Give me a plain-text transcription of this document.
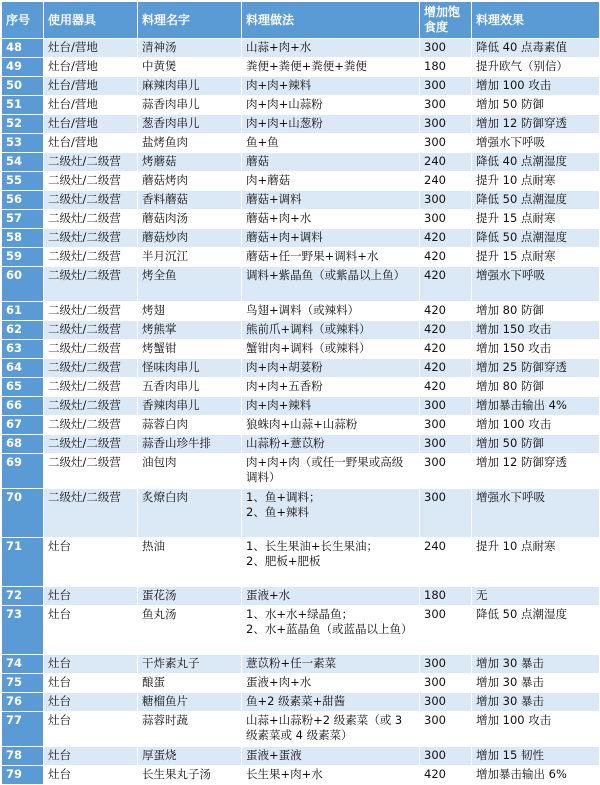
序号	使用器具	料理名字	料理做法	增加饱食度	料理效果
48	灶台/营地	清神汤	山蒜+肉+水	300	降低 40 点毒素值
49	灶台/营地	中黄煲	粪便+粪便+粪便+粪便	180	提升欧气（别信）
50	灶台/营地	麻辣肉串儿	肉+肉+辣料	300	增加 100 攻击
51	灶台/营地	蒜香肉串儿	肉+肉+山蒜粉	300	增加 50 防御
52	灶台/营地	葱香肉串儿	肉+肉+山葱粉	300	增加 12 防御穿透
53	灶台/营地	盐烤鱼肉	鱼+鱼	300	增强水下呼吸
54	二级灶/二级营	烤蘑菇	蘑菇	240	降低 40 点潮湿度
55	二级灶/二级营	蘑菇烤肉	肉+蘑菇	240	提升 10 点耐寒
56	二级灶/二级营	香料蘑菇	蘑菇+调料	300	降低 50 点潮湿度
57	二级灶/二级营	蘑菇肉汤	蘑菇+肉+水	300	提升 15 点耐寒
58	二级灶/二级营	蘑菇炒肉	蘑菇+肉+调料	420	降低 50 点潮湿度
59	二级灶/二级营	半月沉江	蘑菇+任一野果+调料+水	420	提升 15 点耐寒
60	二级灶/二级营	烤全鱼	调料+紫晶鱼（或紫晶以上鱼）	420	增强水下呼吸
61	二级灶/二级营	烤翅	鸟翅+调料（或辣料）	420	增加 80 防御
62	二级灶/二级营	烤熊掌	熊前爪+调料（或辣料）	420	增加 150 攻击
63	二级灶/二级营	烤蟹钳	蟹钳肉+调料（或辣料）	420	增加 150 攻击
64	二级灶/二级营	怪味肉串儿	肉+肉+胡荽粉	420	增加 25 防御穿透
65	二级灶/二级营	五香肉串儿	肉+肉+五香粉	420	增加 80 防御
66	二级灶/二级营	香辣肉串儿	肉+肉+辣料	300	增加暴击输出 4%
67	二级灶/二级营	蒜蓉白肉	狼蛛肉+山蒜+山蒜粉	300	增加 100 攻击
68	二级灶/二级营	蒜香山珍牛排	山蒜粉+薏苡粉	300	增加 50 防御
69	二级灶/二级营	油包肉	肉+肉+肉（或任一野果或高级
调料）	300	增加 12 防御穿透
70	二级灶/二级营	炙燎白肉	1、鱼+调料；
2、鱼+辣料	300	增强水下呼吸
71	灶台	热油	1、长生果油+长生果油；
2、肥板+肥板	240	提升 10 点耐寒
72	灶台	蛋花汤	蛋液+水	180	无
73	灶台	鱼丸汤	1、水+水+绿晶鱼；
2、水+蓝晶鱼（或蓝晶以上鱼）	300	降低 50 点潮湿度
74	灶台	干炸素丸子	薏苡粉+任一素菜	300	增加 30 暴击
75	灶台	酿蛋	蛋液+肉+水	300	增加 30 暴击
76	灶台	糖榴鱼片	鱼+2 级素菜+甜酱	300	增加 30 暴击
77	灶台	蒜蓉时蔬	山蒜+山蒜粉+2 级素菜（或 3
级素菜或 4 级素菜）	300	增加 100 攻击
78	灶台	厚蛋烧	蛋液+蛋液	300	增加 15 韧性
79	灶台	长生果丸子汤	长生果+肉+水	420	增加暴击输出 6%
